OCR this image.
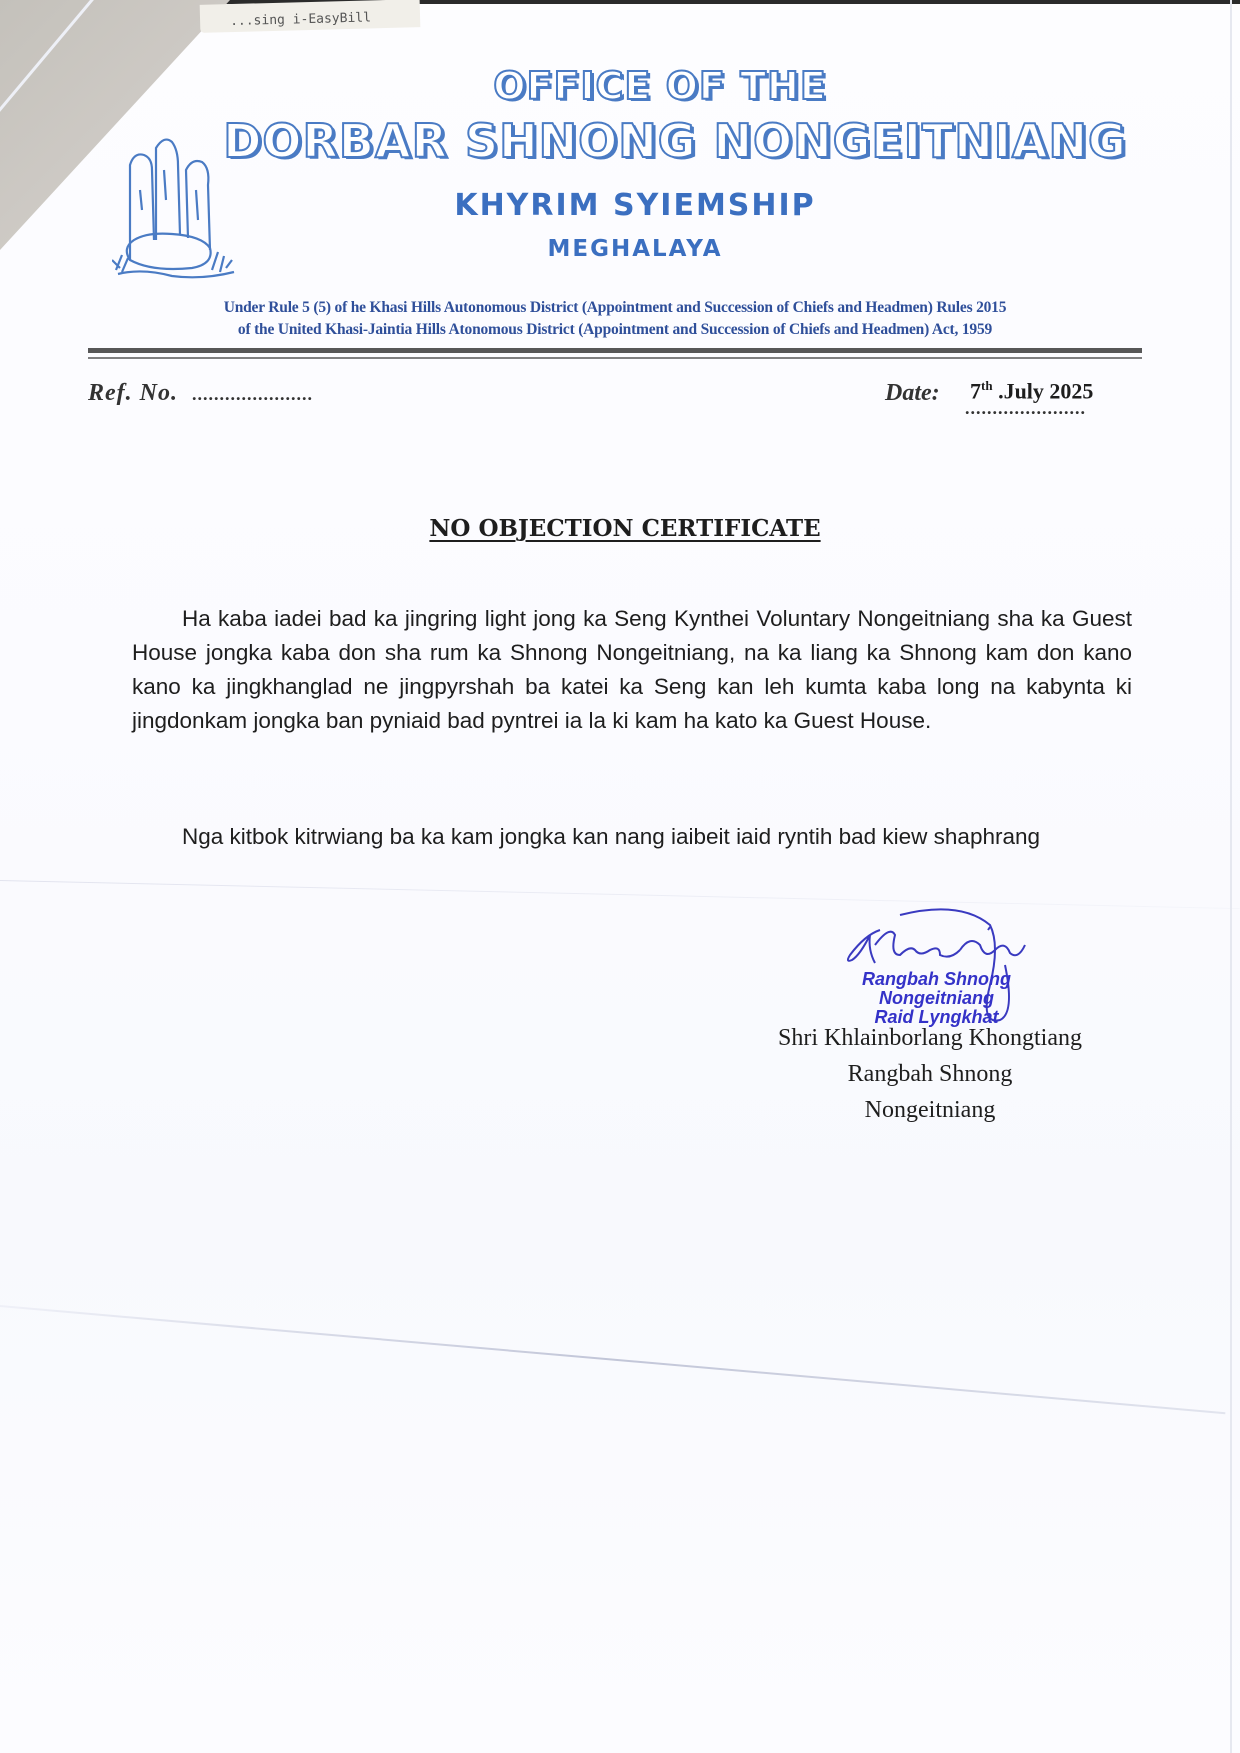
...sing i-EasyBill
OFFICE OF THE
DORBAR SHNONG NONGEITNIANG
KHYRIM SYIEMSHIP
MEGHALAYA
Under Rule 5 (5) of he Khasi Hills Autonomous District (Appointment and Succession of Chiefs and Headmen) Rules 2015
of the United Khasi-Jaintia Hills Atonomous District (Appointment and Succession of Chiefs and Headmen) Act, 1959
Ref. No. ......................	Date: 7th .July 2025
......................
NO OBJECTION CERTIFICATE

Ha kaba iadei bad ka jingring light jong ka Seng Kynthei Voluntary Nongeitniang sha ka Guest House jongka kaba don sha rum ka Shnong Nongeitniang, na ka liang ka Shnong kam don kano kano ka jingkhanglad ne jingpyrshah ba katei ka Seng kan leh kumta kaba long na kabynta ki jingdonkam jongka ban pyniaid bad pyntrei ia la ki kam ha kato ka Guest House.

Nga kitbok kitrwiang ba ka kam jongka kan nang iaibeit iaid ryntih bad kiew shaphrang

Rangbah Shnong
Nongeitniang
Raid Lyngkhat
Shri Khlainborlang Khongtiang
Rangbah Shnong
Nongeitniang
